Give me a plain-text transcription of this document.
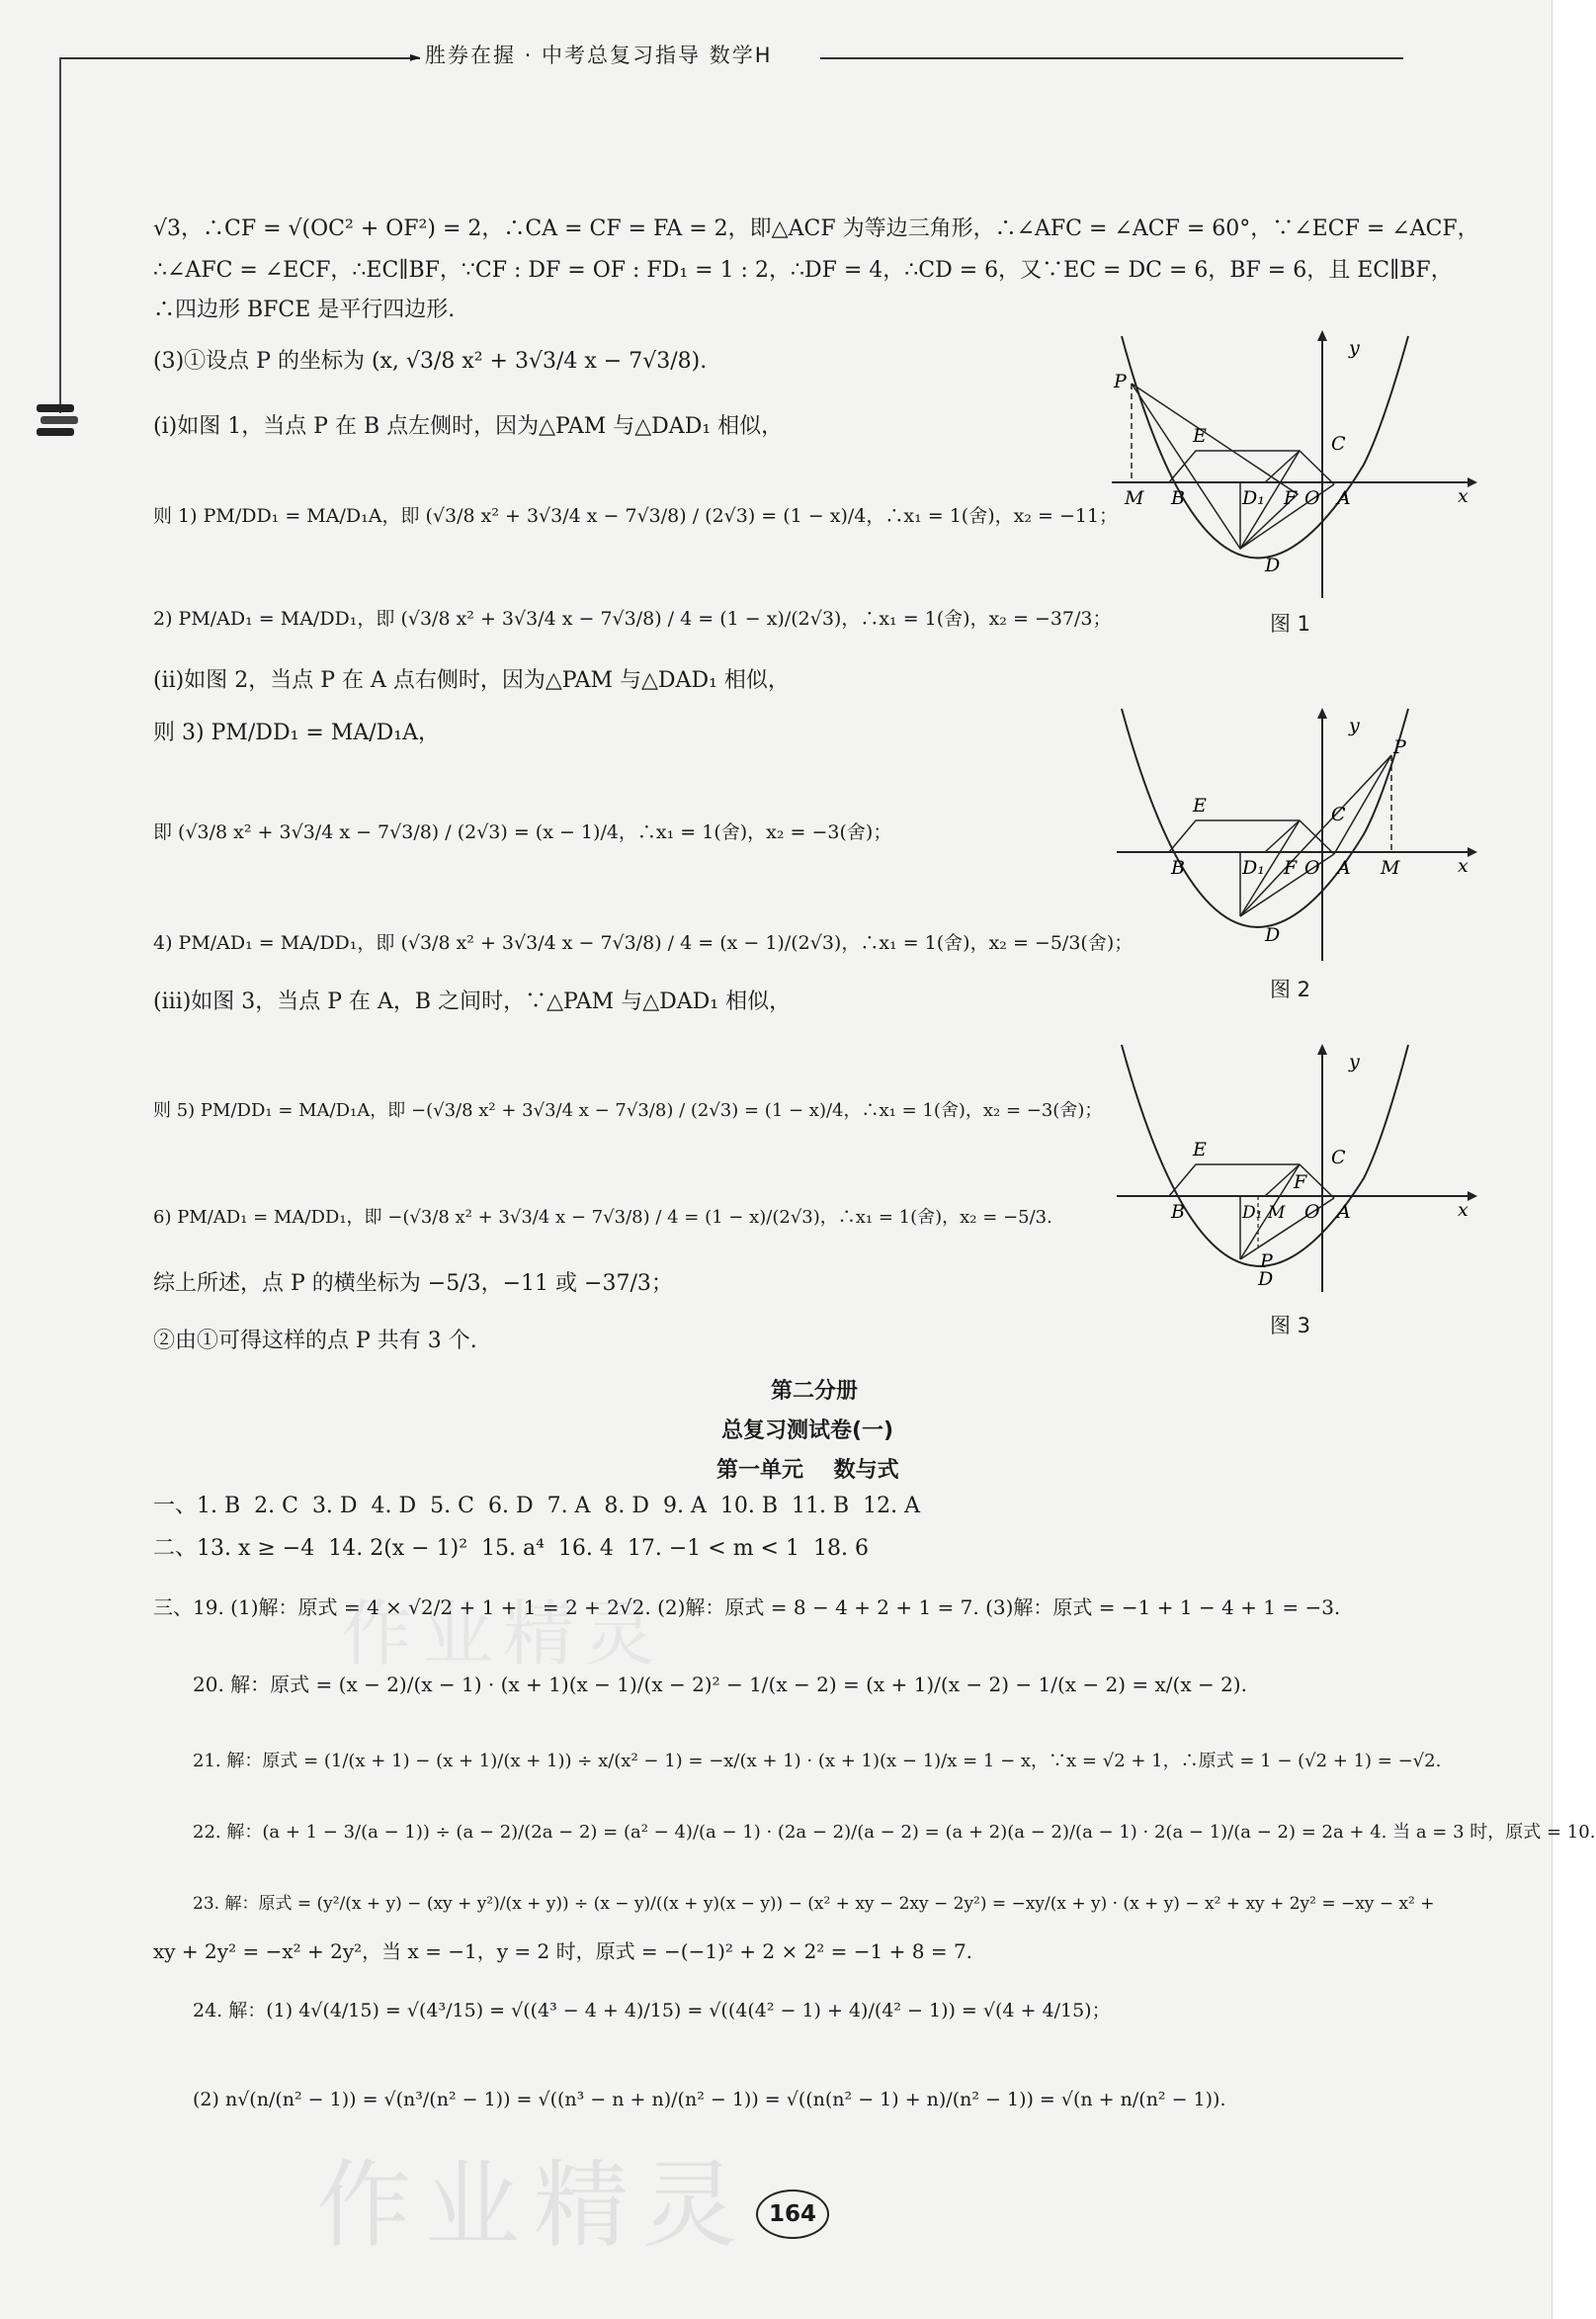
胜券在握 · 中考总复习指导 数学H
►
作业精灵
√3，∴CF = √(OC² + OF²) = 2，∴CA = CF = FA = 2，即△ACF 为等边三角形，∴∠AFC = ∠ACF = 60°，∵∠ECF = ∠ACF，
∴∠AFC = ∠ECF，∴EC∥BF，∵CF : DF = OF : FD₁ = 1 : 2，∴DF = 4，∴CD = 6，又∵EC = DC = 6，BF = 6，且 EC∥BF，
∴四边形 BFCE 是平行四边形.
(3)①设点 P 的坐标为 (x, √3/8 x² + 3√3/4 x − 7√3/8).
(ⅰ)如图 1，当点 P 在 B 点左侧时，因为△PAM 与△DAD₁ 相似，
则 1) PM/DD₁ = MA/D₁A，即 (√3/8 x² + 3√3/4 x − 7√3/8) / (2√3) = (1 − x)/4，∴x₁ = 1(舍)，x₂ = −11；
2) PM/AD₁ = MA/DD₁，即 (√3/8 x² + 3√3/4 x − 7√3/8) / 4 = (1 − x)/(2√3)，∴x₁ = 1(舍)，x₂ = −37/3；
(ⅱ)如图 2，当点 P 在 A 点右侧时，因为△PAM 与△DAD₁ 相似，
则 3) PM/DD₁ = MA/D₁A，
即 (√3/8 x² + 3√3/4 x − 7√3/8) / (2√3) = (x − 1)/4，∴x₁ = 1(舍)，x₂ = −3(舍)；
4) PM/AD₁ = MA/DD₁，即 (√3/8 x² + 3√3/4 x − 7√3/8) / 4 = (x − 1)/(2√3)，∴x₁ = 1(舍)，x₂ = −5/3(舍)；
(ⅲ)如图 3，当点 P 在 A，B 之间时，∵△PAM 与△DAD₁ 相似，
则 5) PM/DD₁ = MA/D₁A，即 −(√3/8 x² + 3√3/4 x − 7√3/8) / (2√3) = (1 − x)/4，∴x₁ = 1(舍)，x₂ = −3(舍)；
6) PM/AD₁ = MA/DD₁，即 −(√3/8 x² + 3√3/4 x − 7√3/8) / 4 = (1 − x)/(2√3)，∴x₁ = 1(舍)，x₂ = −5/3.
综上所述，点 P 的横坐标为 −5/3，−11 或 −37/3；
②由①可得这样的点 P 共有 3 个.
第二分册
总复习测试卷(一)
第一单元    数与式
一、1. B  2. C  3. D  4. D  5. C  6. D  7. A  8. D  9. A  10. B  11. B  12. A
二、13. x ≥ −4  14. 2(x − 1)²  15. a⁴  16. 4  17. −1 < m < 1  18. 6
三、19. (1)解：原式 = 4 × √2/2 + 1 + 1 = 2 + 2√2. (2)解：原式 = 8 − 4 + 2 + 1 = 7. (3)解：原式 = −1 + 1 − 4 + 1 = −3.
20. 解：原式 = (x − 2)/(x − 1) · (x + 1)(x − 1)/(x − 2)² − 1/(x − 2) = (x + 1)/(x − 2) − 1/(x − 2) = x/(x − 2).
21. 解：原式 = (1/(x + 1) − (x + 1)/(x + 1)) ÷ x/(x² − 1) = −x/(x + 1) · (x + 1)(x − 1)/x = 1 − x，∵x = √2 + 1，∴原式 = 1 − (√2 + 1) = −√2.
22. 解：(a + 1 − 3/(a − 1)) ÷ (a − 2)/(2a − 2) = (a² − 4)/(a − 1) · (2a − 2)/(a − 2) = (a + 2)(a − 2)/(a − 1) · 2(a − 1)/(a − 2) = 2a + 4. 当 a = 3 时，原式 = 10.
23. 解：原式 = (y²/(x + y) − (xy + y²)/(x + y)) ÷ (x − y)/((x + y)(x − y)) − (x² + xy − 2xy − 2y²) = −xy/(x + y) · (x + y) − x² + xy + 2y² = −xy − x² +
xy + 2y² = −x² + 2y²，当 x = −1，y = 2 时，原式 = −(−1)² + 2 × 2² = −1 + 8 = 7.
24. 解：(1) 4√(4/15) = √(4³/15) = √((4³ − 4 + 4)/15) = √((4(4² − 1) + 4)/(4² − 1)) = √(4 + 4/15)；
(2) n√(n/(n² − 1)) = √(n³/(n² − 1)) = √((n³ − n + n)/(n² − 1)) = √((n(n² − 1) + n)/(n² − 1)) = √(n + n/(n² − 1)).
y
x
P
E	C
M B	D₁ F O A
D
图 1
y
x
P
E	C
M
B	D₁ F O A
D
图 2
y
x
P
E	C
M
B	D₁
F
O A
D
图 3
作业精灵 164
